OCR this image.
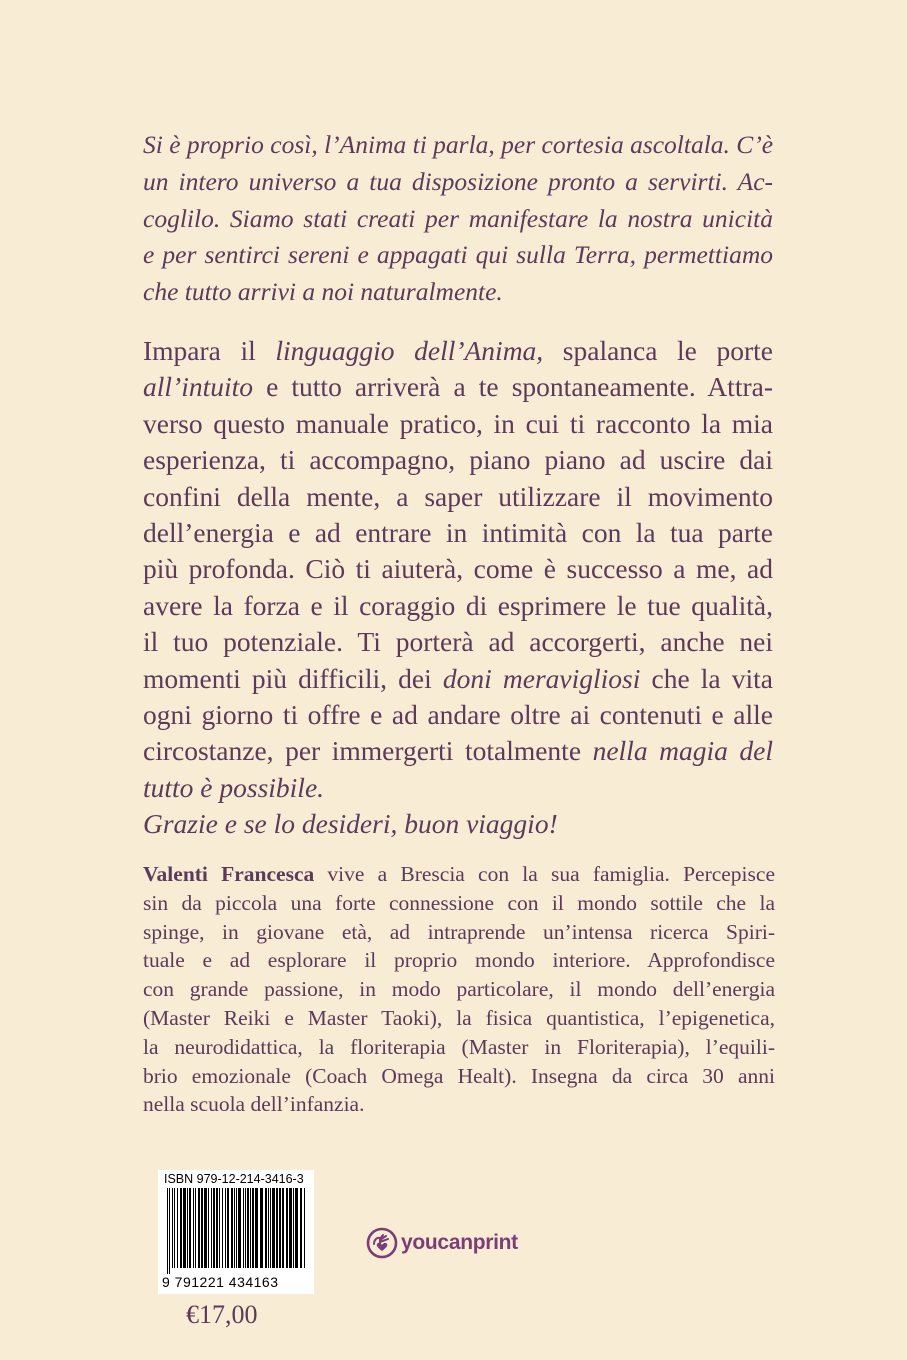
Si è proprio così, l’Anima ti parla, per cortesia ascoltala. C’è
un intero universo a tua disposizione pronto a servirti. Ac-
coglilo. Siamo stati creati per manifestare la nostra unicità
e per sentirci sereni e appagati qui sulla Terra, permettiamo
che tutto arrivi a noi naturalmente.
Impara il linguaggio dell’Anima, spalanca le porte
all’intuito e tutto arriverà a te spontaneamente. Attra-
verso questo manuale pratico, in cui ti racconto la mia
esperienza, ti accompagno, piano piano ad uscire dai
confini della mente, a saper utilizzare il movimento
dell’energia e ad entrare in intimità con la tua parte
più profonda. Ciò ti aiuterà, come è successo a me, ad
avere la forza e il coraggio di esprimere le tue qualità,
il tuo potenziale. Ti porterà ad accorgerti, anche nei
momenti più difficili, dei doni meravigliosi che la vita
ogni giorno ti offre e ad andare oltre ai contenuti e alle
circostanze, per immergerti totalmente nella magia del
tutto è possibile.
Grazie e se lo desideri, buon viaggio!
Valenti Francesca vive a Brescia con la sua famiglia. Percepisce
sin da piccola una forte connessione con il mondo sottile che la
spinge, in giovane età, ad intraprende un’intensa ricerca Spiri-
tuale e ad esplorare il proprio mondo interiore. Approfondisce
con grande passione, in modo particolare, il mondo dell’energia
(Master Reiki e Master Taoki), la fisica quantistica, l’epigenetica,
la neurodidattica, la floriterapia (Master in Floriterapia), l’equili-
brio emozionale (Coach Omega Healt). Insegna da circa 30 anni
nella scuola dell’infanzia.
ISBN 979-12-214-3416-3
9 791221 434163
€17,00
youcanprint
